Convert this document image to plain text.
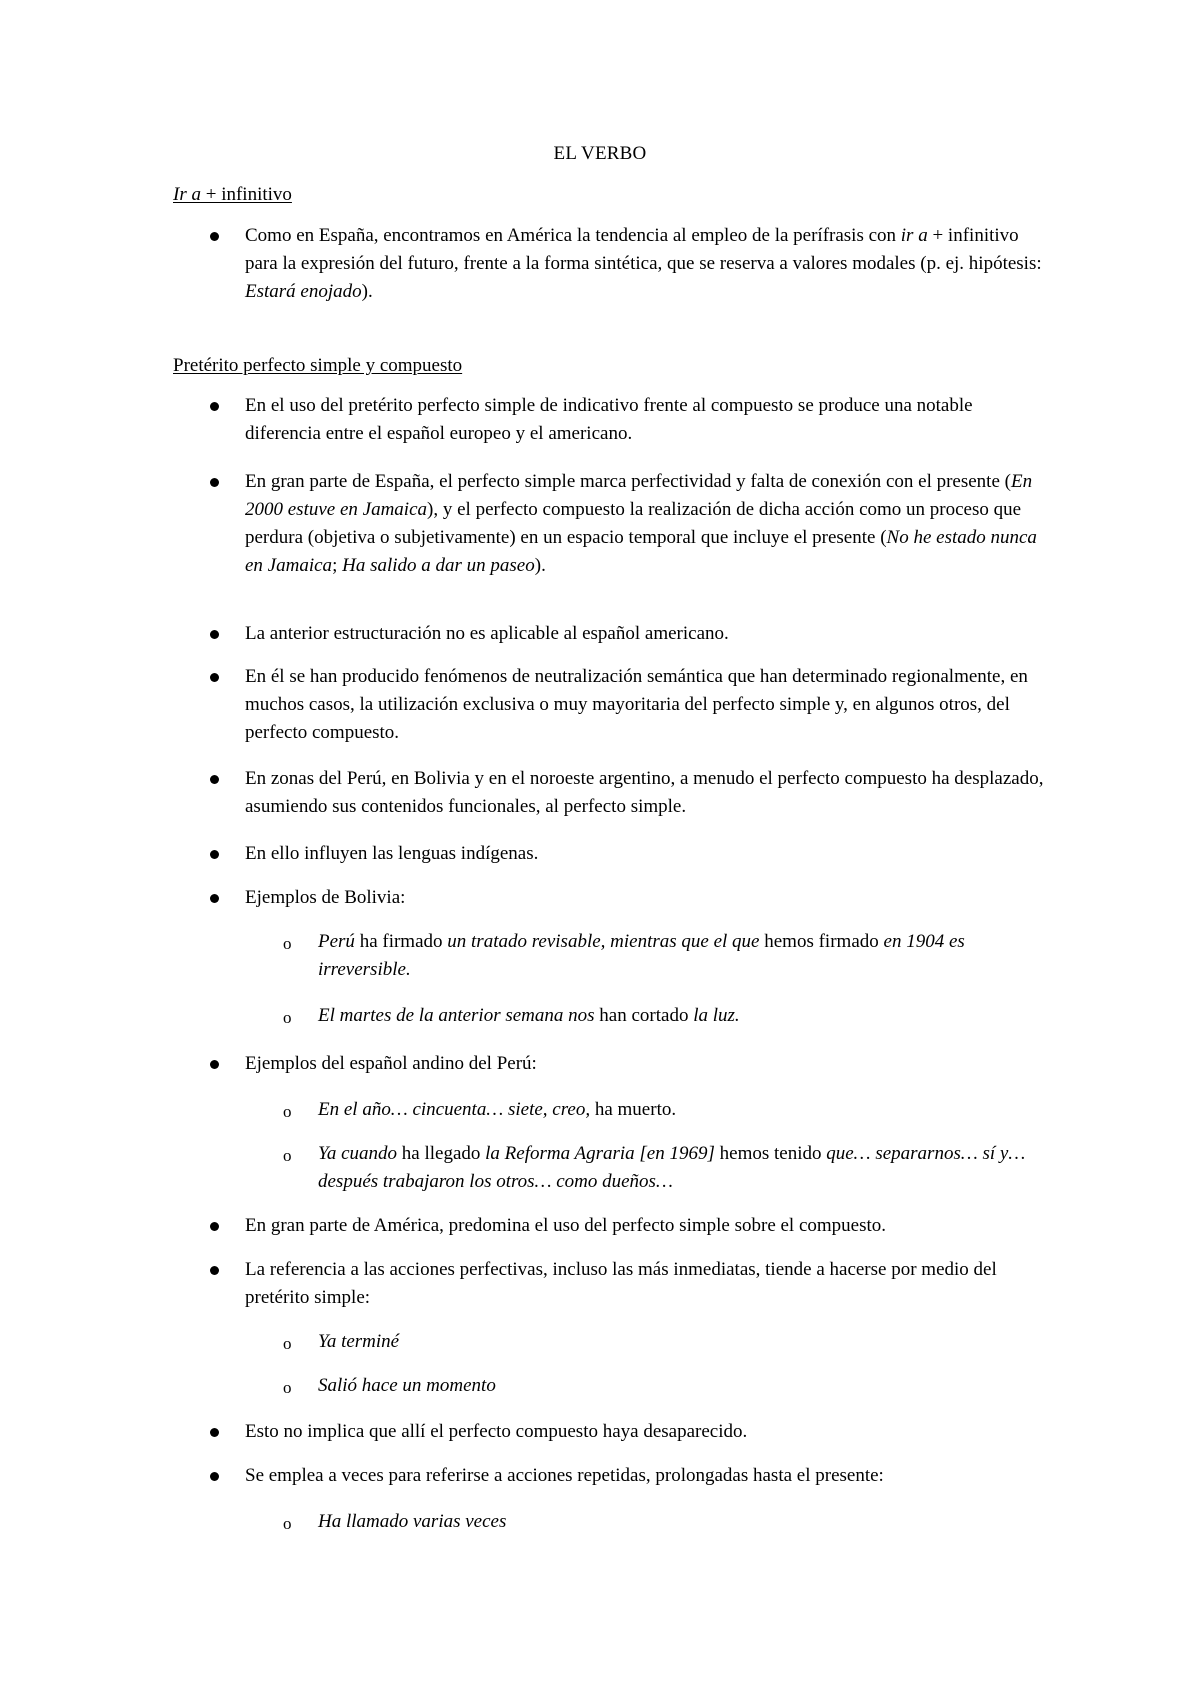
EL VERBO
Ir a + infinitivo
Como en España, encontramos en América la tendencia al empleo de la perífrasis con ir a + infinitivo para la expresión del futuro, frente a la forma sintética, que se reserva a valores modales (p. ej. hipótesis: Estará enojado).
Pretérito perfecto simple y compuesto
En el uso del pretérito perfecto simple de indicativo frente al compuesto se produce una notable diferencia entre el español europeo y el americano.
En gran parte de España, el perfecto simple marca perfectividad y falta de conexión con el presente (En 2000 estuve en Jamaica), y el perfecto compuesto la realización de dicha acción como un proceso que perdura (objetiva o subjetivamente) en un espacio temporal que incluye el presente (No he estado nunca en Jamaica; Ha salido a dar un paseo).
La anterior estructuración no es aplicable al español americano.
En él se han producido fenómenos de neutralización semántica que han determinado regionalmente, en muchos casos, la utilización exclusiva o muy mayoritaria del perfecto simple y, en algunos otros, del perfecto compuesto.
En zonas del Perú, en Bolivia y en el noroeste argentino, a menudo el perfecto compuesto ha desplazado, asumiendo sus contenidos funcionales, al perfecto simple.
En ello influyen las lenguas indígenas.
Ejemplos de Bolivia:
o Perú ha firmado un tratado revisable, mientras que el que hemos firmado en 1904 es irreversible.
o El martes de la anterior semana nos han cortado la luz.
Ejemplos del español andino del Perú:
o En el año… cincuenta… siete, creo, ha muerto.
o Ya cuando ha llegado la Reforma Agraria [en 1969] hemos tenido que… separarnos… sí y… después trabajaron los otros… como dueños…
En gran parte de América, predomina el uso del perfecto simple sobre el compuesto.
La referencia a las acciones perfectivas, incluso las más inmediatas, tiende a hacerse por medio del pretérito simple:
o Ya terminé
o Salió hace un momento
Esto no implica que allí el perfecto compuesto haya desaparecido.
Se emplea a veces para referirse a acciones repetidas, prolongadas hasta el presente:
o Ha llamado varias veces
